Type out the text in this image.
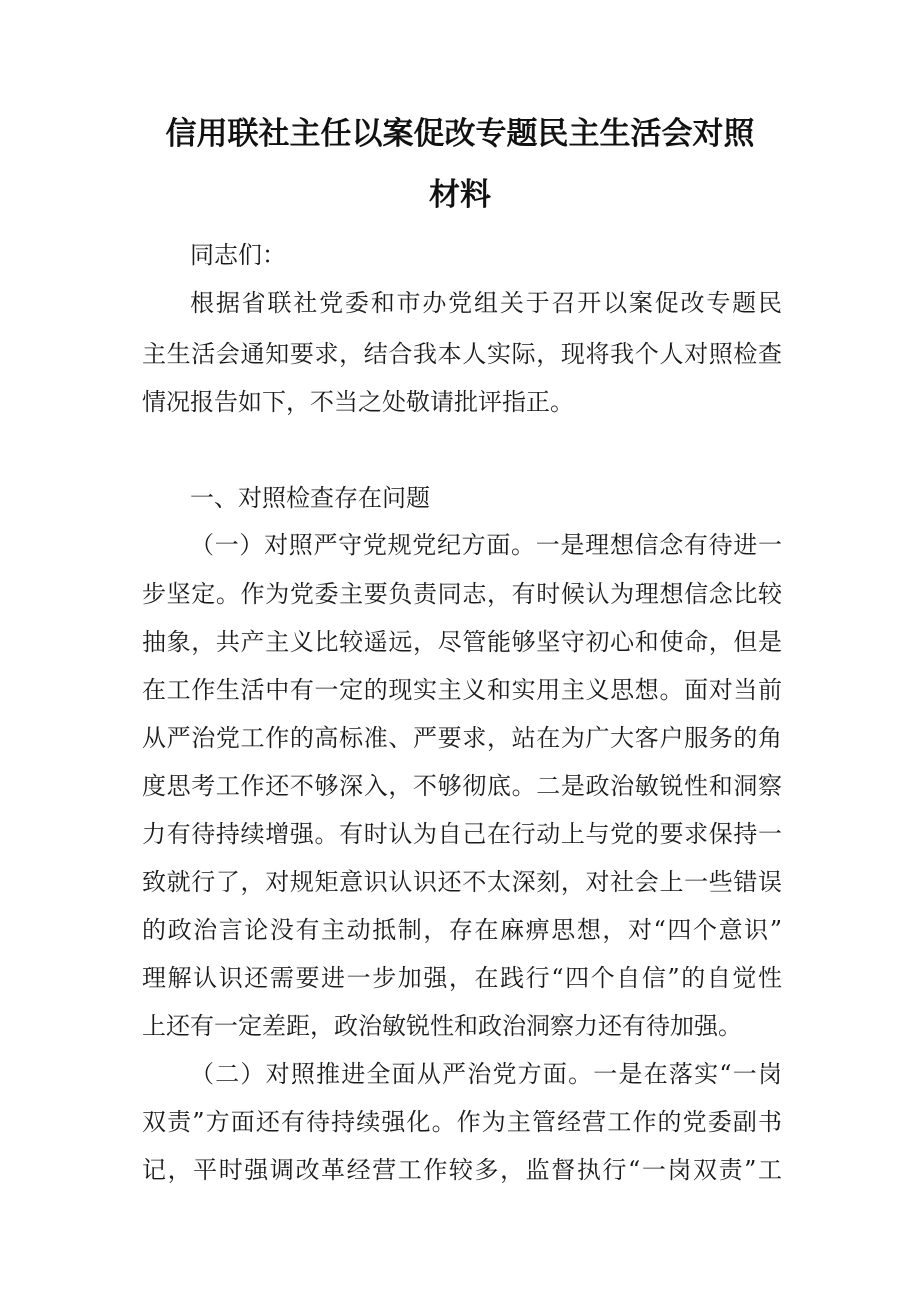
信用联社主任以案促改专题民主生活会对照
材料

同志们：

根据省联社党委和市办党组关于召开以案促改专题民

主生活会通知要求，结合我本人实际，现将我个人对照检查

情况报告如下，不当之处敬请批评指正。

一、对照检查存在问题

（一）对照严守党规党纪方面。一是理想信念有待进一

步坚定。作为党委主要负责同志，有时候认为理想信念比较

抽象，共产主义比较遥远，尽管能够坚守初心和使命，但是

在工作生活中有一定的现实主义和实用主义思想。面对当前

从严治党工作的高标准、严要求，站在为广大客户服务的角

度思考工作还不够深入，不够彻底。二是政治敏锐性和洞察

力有待持续增强。有时认为自己在行动上与党的要求保持一

致就行了，对规矩意识认识还不太深刻，对社会上一些错误

的政治言论没有主动抵制，存在麻痹思想，对“四个意识”

理解认识还需要进一步加强，在践行“四个自信”的自觉性

上还有一定差距，政治敏锐性和政治洞察力还有待加强。

（二）对照推进全面从严治党方面。一是在落实“一岗

双责”方面还有待持续强化。作为主管经营工作的党委副书

记，平时强调改革经营工作较多，监督执行“一岗双责”工
